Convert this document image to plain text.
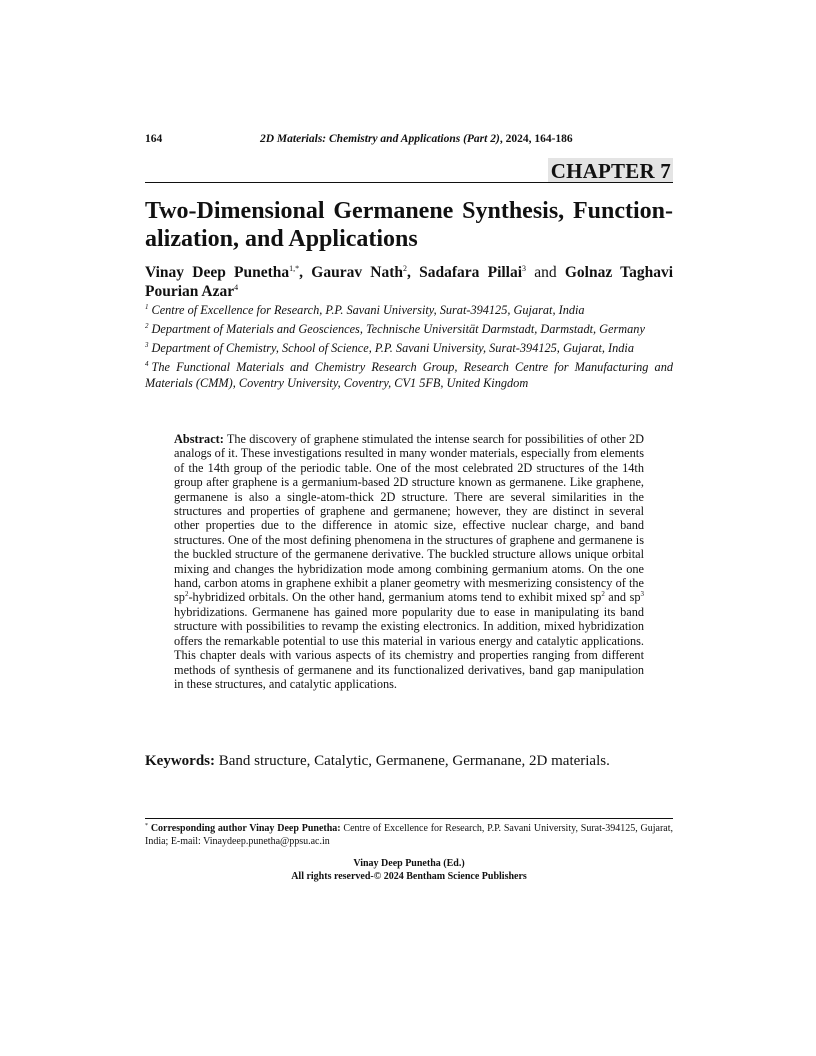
164	2D Materials: Chemistry and Applications (Part 2), 2024, 164-186
CHAPTER 7
Two-Dimensional Germanene Synthesis, Function-alization, and Applications
Vinay Deep Punetha$^{1,*}$, Gaurav Nath$^2$, Sadafara Pillai$^3$ and Golnaz Taghavi Pourian Azar$^4$
$^1$ Centre of Excellence for Research, P.P. Savani University, Surat-394125, Gujarat, India
$^2$ Department of Materials and Geosciences, Technische Universität Darmstadt, Darmstadt, Germany
$^3$ Department of Chemistry, School of Science, P.P. Savani University, Surat-394125, Gujarat, India
$^4$ The Functional Materials and Chemistry Research Group, Research Centre for Manufacturing and Materials (CMM), Coventry University, Coventry, CV1 5FB, United Kingdom
Abstract: The discovery of graphene stimulated the intense search for possibilities of other 2D analogs of it. These investigations resulted in many wonder materials, especially from elements of the 14th group of the periodic table. One of the most celebrated 2D structures of the 14th group after graphene is a germanium-based 2D structure known as germanene. Like graphene, germanene is also a single-atom-thick 2D structure. There are several similarities in the structures and properties of graphene and germanene; however, they are distinct in several other properties due to the difference in atomic size, effective nuclear charge, and band structures. One of the most defining phenomena in the structures of graphene and germanene is the buckled structure of the germanene derivative. The buckled structure allows unique orbital mixing and changes the hybridization mode among combining germanium atoms. On the one hand, carbon atoms in graphene exhibit a planer geometry with mesmerizing consistency of the $sp^2$-hybridized orbitals. On the other hand, germanium atoms tend to exhibit mixed $sp^2$ and $sp^3$ hybridizations. Germanene has gained more popularity due to ease in manipulating its band structure with possibilities to revamp the existing electronics. In addition, mixed hybridization offers the remarkable potential to use this material in various energy and catalytic applications. This chapter deals with various aspects of its chemistry and properties ranging from different methods of synthesis of germanene and its functionalized derivatives, band gap manipulation in these structures, and catalytic applications.
Keywords: Band structure, Catalytic, Germanene, Germanane, 2D materials.
* Corresponding author Vinay Deep Punetha: Centre of Excellence for Research, P.P. Savani University, Surat-394125, Gujarat, India; E-mail: Vinaydeep.punetha@ppsu.ac.in
Vinay Deep Punetha (Ed.)
All rights reserved-© 2024 Bentham Science Publishers
